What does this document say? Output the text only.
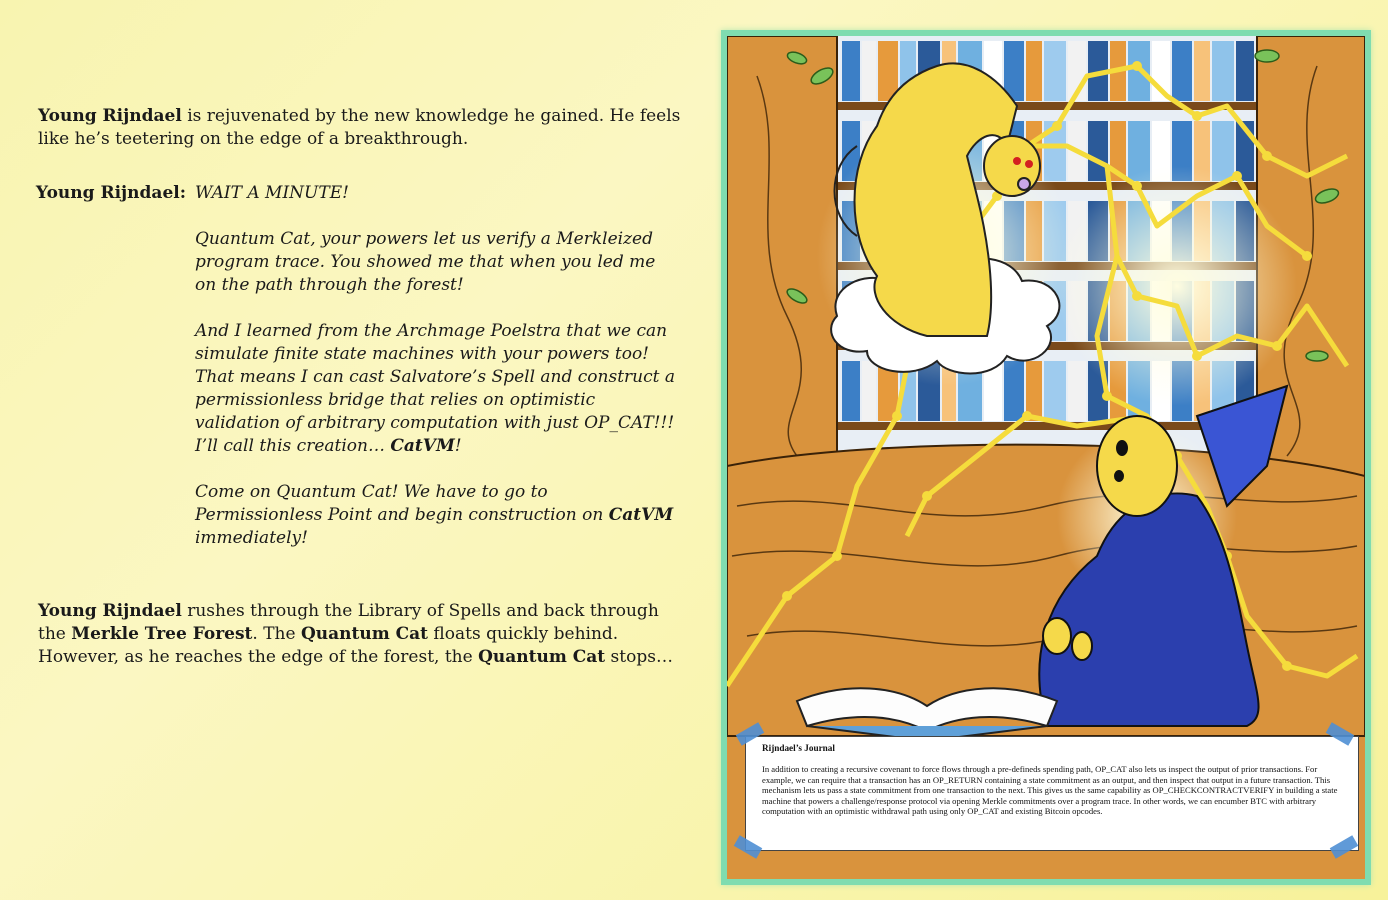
Young Rijndael is rejuvenated by the new knowledge he gained. He feels like he’s teetering on the edge of a breakthrough.

Young Rijndael: WAIT A MINUTE!

Quantum Cat, your powers let us verify a Merkleized program trace. You showed me that when you led me on the path through the forest!

And I learned from the Archmage Poelstra that we can simulate finite state machines with your powers too! That means I can cast Salvatore’s Spell and construct a permissionless bridge that relies on optimistic validation of arbitrary computation with just OP_CAT!!! I’ll call this creation… CatVM!

Come on Quantum Cat! We have to go to Permissionless Point and begin construction on CatVM immediately!

Young Rijndael rushes through the Library of Spells and back through the Merkle Tree Forest. The Quantum Cat floats quickly behind. However, as he reaches the edge of the forest, the Quantum Cat stops…

Rijndael’s Journal
In addition to creating a recursive covenant to force flows through a pre-defineds spending path, OP_CAT also lets us inspect the output of prior transactions. For example, we can require that a transaction has an OP_RETURN containing a state commitment as an output, and then inspect that output in a future transaction. This mechanism lets us pass a state commitment from one transaction to the next. This gives us the same capability as OP_CHECKCONTRACTVERIFY in building a state machine that powers a challenge/response protocol via opening Merkle commitments over a program trace. In other words, we can encumber BTC with arbitrary computation with an optimistic withdrawal path using only OP_CAT and existing Bitcoin opcodes.
